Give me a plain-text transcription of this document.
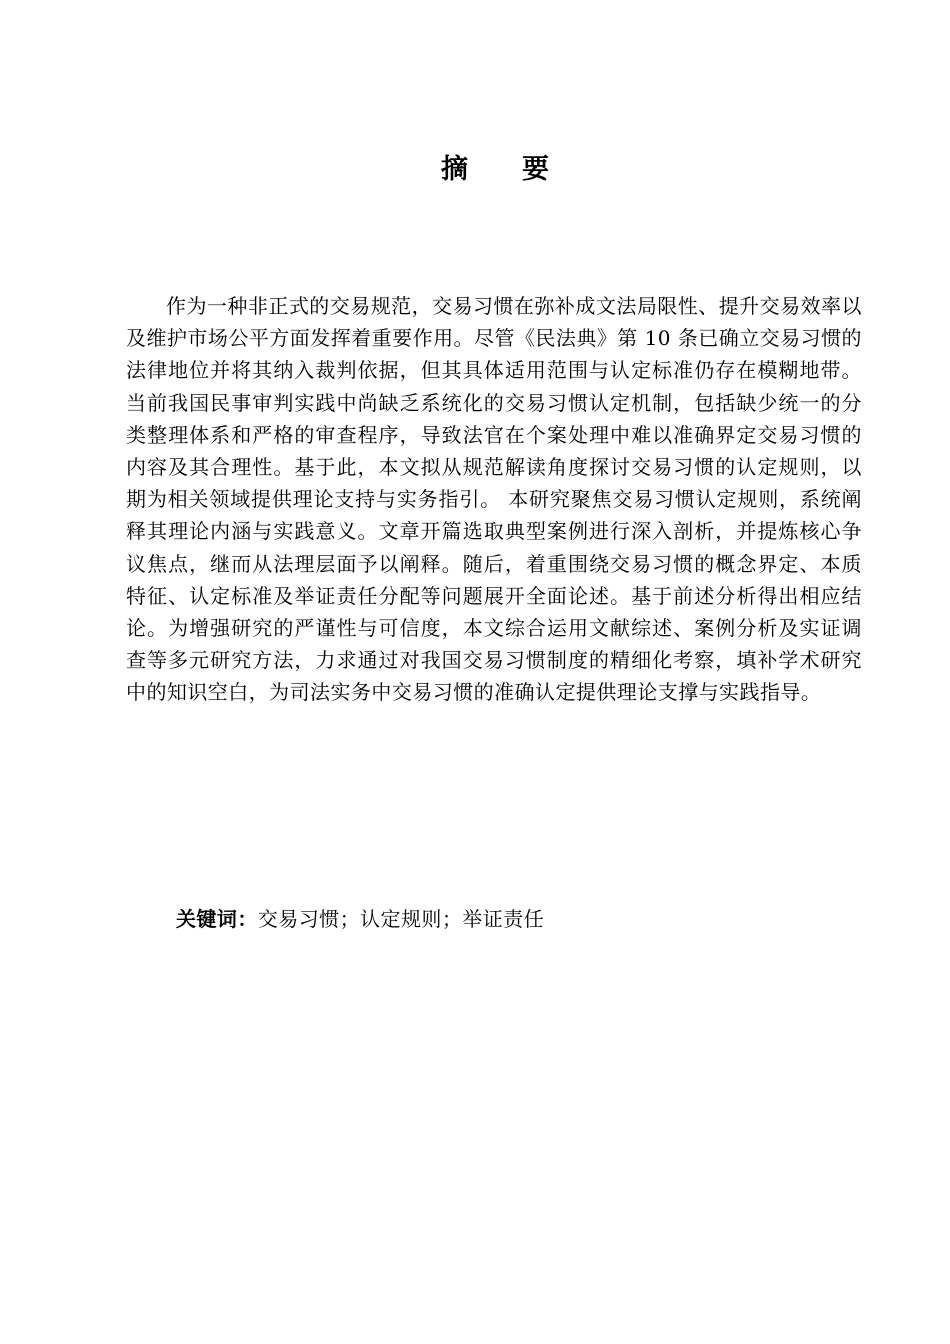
摘　　要

作为一种非正式的交易规范，交易习惯在弥补成文法局限性、提升交易效率以及维护市场公平方面发挥着重要作用。尽管《民法典》第 10 条已确立交易习惯的法律地位并将其纳入裁判依据，但其具体适用范围与认定标准仍存在模糊地带。当前我国民事审判实践中尚缺乏系统化的交易习惯认定机制，包括缺少统一的分类整理体系和严格的审查程序，导致法官在个案处理中难以准确界定交易习惯的内容及其合理性。基于此，本文拟从规范解读角度探讨交易习惯的认定规则，以期为相关领域提供理论支持与实务指引。 本研究聚焦交易习惯认定规则，系统阐释其理论内涵与实践意义。文章开篇选取典型案例进行深入剖析，并提炼核心争议焦点，继而从法理层面予以阐释。随后，着重围绕交易习惯的概念界定、本质特征、认定标准及举证责任分配等问题展开全面论述。基于前述分析得出相应结论。为增强研究的严谨性与可信度，本文综合运用文献综述、案例分析及实证调查等多元研究方法，力求通过对我国交易习惯制度的精细化考察，填补学术研究中的知识空白，为司法实务中交易习惯的准确认定提供理论支撑与实践指导。

关键词：交易习惯；认定规则；举证责任
